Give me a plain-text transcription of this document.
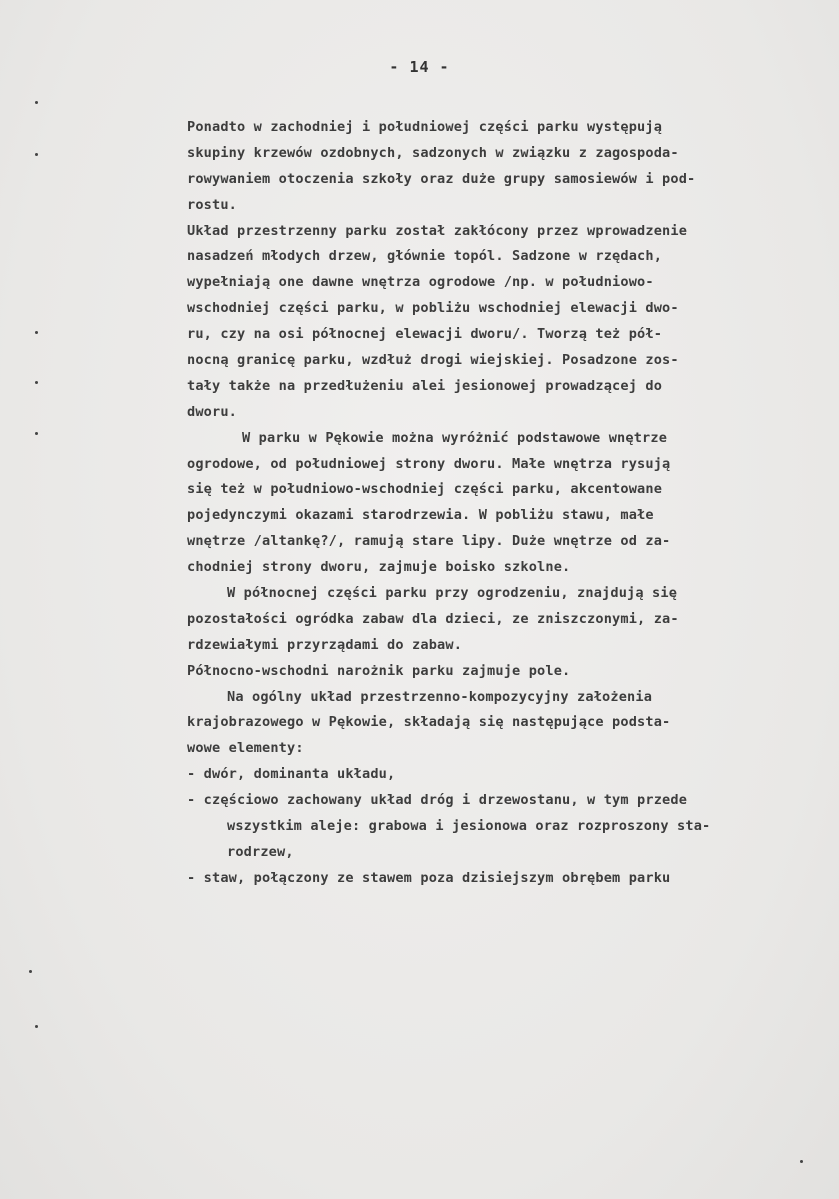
- 14 -
Ponadto w zachodniej i południowej części parku występują
skupiny krzewów ozdobnych, sadzonych w związku z zagospoda-
rowywaniem otoczenia szkoły oraz duże grupy samosiewów i pod-
rostu.
Układ przestrzenny parku został zakłócony przez wprowadzenie
nasadzeń młodych drzew, głównie topól. Sadzone w rzędach,
wypełniają one dawne wnętrza ogrodowe /np. w południowo-
wschodniej części parku, w pobliżu wschodniej elewacji dwo-
ru, czy na osi północnej elewacji dworu/. Tworzą też pół-
nocną granicę parku, wzdłuż drogi wiejskiej. Posadzone zos-
tały także na przedłużeniu alei jesionowej prowadzącej do
dworu.
W parku w Pękowie można wyróżnić podstawowe wnętrze
ogrodowe, od południowej strony dworu. Małe wnętrza rysują
się też w południowo-wschodniej części parku, akcentowane
pojedynczymi okazami starodrzewia. W pobliżu stawu, małe
wnętrze /altankę?/, ramują stare lipy. Duże wnętrze od za-
chodniej strony dworu, zajmuje boisko szkolne.
W północnej części parku przy ogrodzeniu, znajdują się
pozostałości ogródka zabaw dla dzieci, ze zniszczonymi, za-
rdzewiałymi przyrządami do zabaw.
Północno-wschodni narożnik parku zajmuje pole.
Na ogólny układ przestrzenno-kompozycyjny założenia
krajobrazowego w Pękowie, składają się następujące podsta-
wowe elementy:
- dwór, dominanta układu,
- częściowo zachowany układ dróg i drzewostanu, w tym przede
wszystkim aleje: grabowa i jesionowa oraz rozproszony sta-
rodrzew,
- staw, połączony ze stawem poza dzisiejszym obrębem parku
